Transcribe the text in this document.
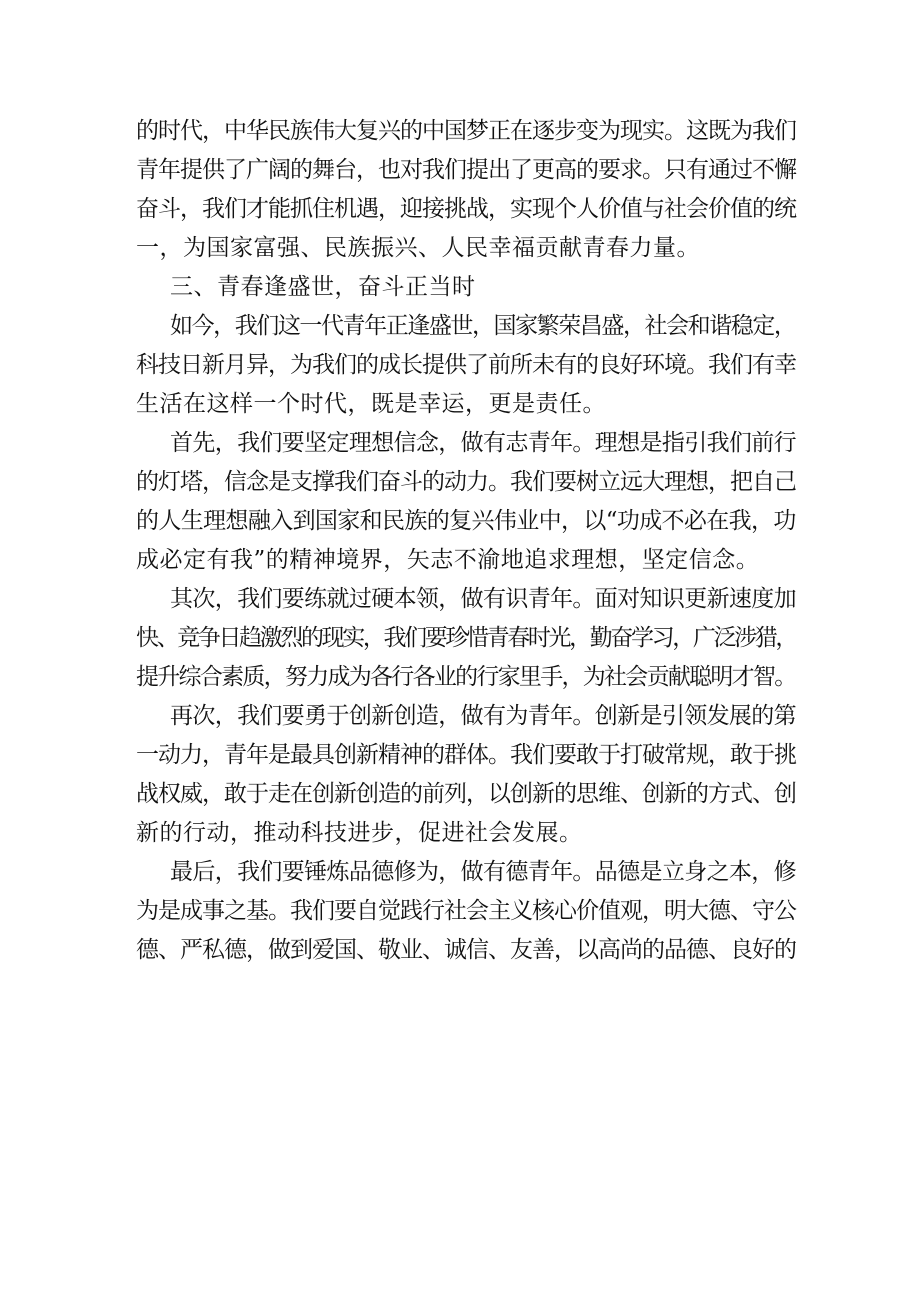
的时代，中华民族伟大复兴的中国梦正在逐步变为现实。这既为我们
青年提供了广阔的舞台，也对我们提出了更高的要求。只有通过不懈
奋斗，我们才能抓住机遇，迎接挑战，实现个人价值与社会价值的统
一，为国家富强、民族振兴、人民幸福贡献青春力量。
三、青春逢盛世，奋斗正当时
如今，我们这一代青年正逢盛世，国家繁荣昌盛，社会和谐稳定，
科技日新月异，为我们的成长提供了前所未有的良好环境。我们有幸
生活在这样一个时代，既是幸运，更是责任。
首先，我们要坚定理想信念，做有志青年。理想是指引我们前行
的灯塔，信念是支撑我们奋斗的动力。我们要树立远大理想，把自己
的人生理想融入到国家和民族的复兴伟业中，以“功成不必在我，功
成必定有我”的精神境界，矢志不渝地追求理想，坚定信念。
其次，我们要练就过硬本领，做有识青年。面对知识更新速度加
快、竞争日趋激烈的现实，我们要珍惜青春时光，勤奋学习，广泛涉猎，
提升综合素质，努力成为各行各业的行家里手，为社会贡献聪明才智。
再次，我们要勇于创新创造，做有为青年。创新是引领发展的第
一动力，青年是最具创新精神的群体。我们要敢于打破常规，敢于挑
战权威，敢于走在创新创造的前列，以创新的思维、创新的方式、创
新的行动，推动科技进步，促进社会发展。
最后，我们要锤炼品德修为，做有德青年。品德是立身之本，修
为是成事之基。我们要自觉践行社会主义核心价值观，明大德、守公
德、严私德，做到爱国、敬业、诚信、友善，以高尚的品德、良好的
